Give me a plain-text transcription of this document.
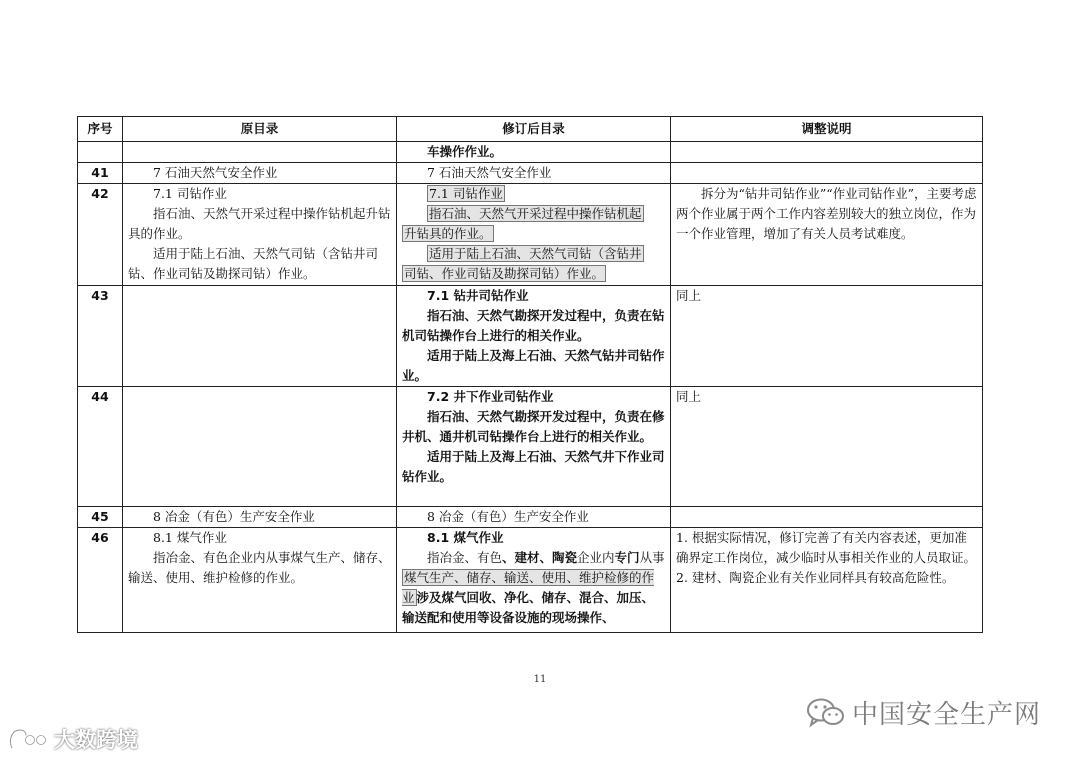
序号	原目录	修订后目录	调整说明

		车操作作业。	

41	7 石油天然气安全作业	7 石油天然气安全作业	

42	7.1 司钻作业
指石油、天然气开采过程中操作钻机起升钻具的作业。
适用于陆上石油、天然气司钻（含钻井司钻、作业司钻及勘探司钻）作业。	7.1 司钻作业
指石油、天然气开采过程中操作钻机起
升钻具的作业。
适用于陆上石油、天然气司钻（含钻井
司钻、作业司钻及勘探司钻）作业。	拆分为“钻井司钻作业”“作业司钻作业”，主要考虑两个作业属于两个工作内容差别较大的独立岗位，作为一个作业管理，增加了有关人员考试难度。

43		7.1 钻井司钻作业
指石油、天然气勘探开发过程中，负责在钻机司钻操作台上进行的相关作业。
适用于陆上及海上石油、天然气钻井司钻作业。	同上

44		7.2 井下作业司钻作业
指石油、天然气勘探开发过程中，负责在修井机、通井机司钻操作台上进行的相关作业。
适用于陆上及海上石油、天然气井下作业司钻作业。	同上

45	8 冶金（有色）生产安全作业	8 冶金（有色）生产安全作业	

46	8.1 煤气作业
指冶金、有色企业内从事煤气生产、储存、输送、使用、维护检修的作业。	8.1 煤气作业
指冶金、有色、建材、陶瓷企业内专门从事煤气生产、储存、输送、使用、维护检修的作业 涉及煤气回收、净化、储存、混合、加压、输送配和使用等设备设施的现场操作、	1. 根据实际情况，修订完善了有关内容表述，更加准确界定工作岗位，减少临时从事相关作业的人员取证。
2. 建材、陶瓷企业有关作业同样具有较高危险性。
11
中国安全生产网
大数跨境
